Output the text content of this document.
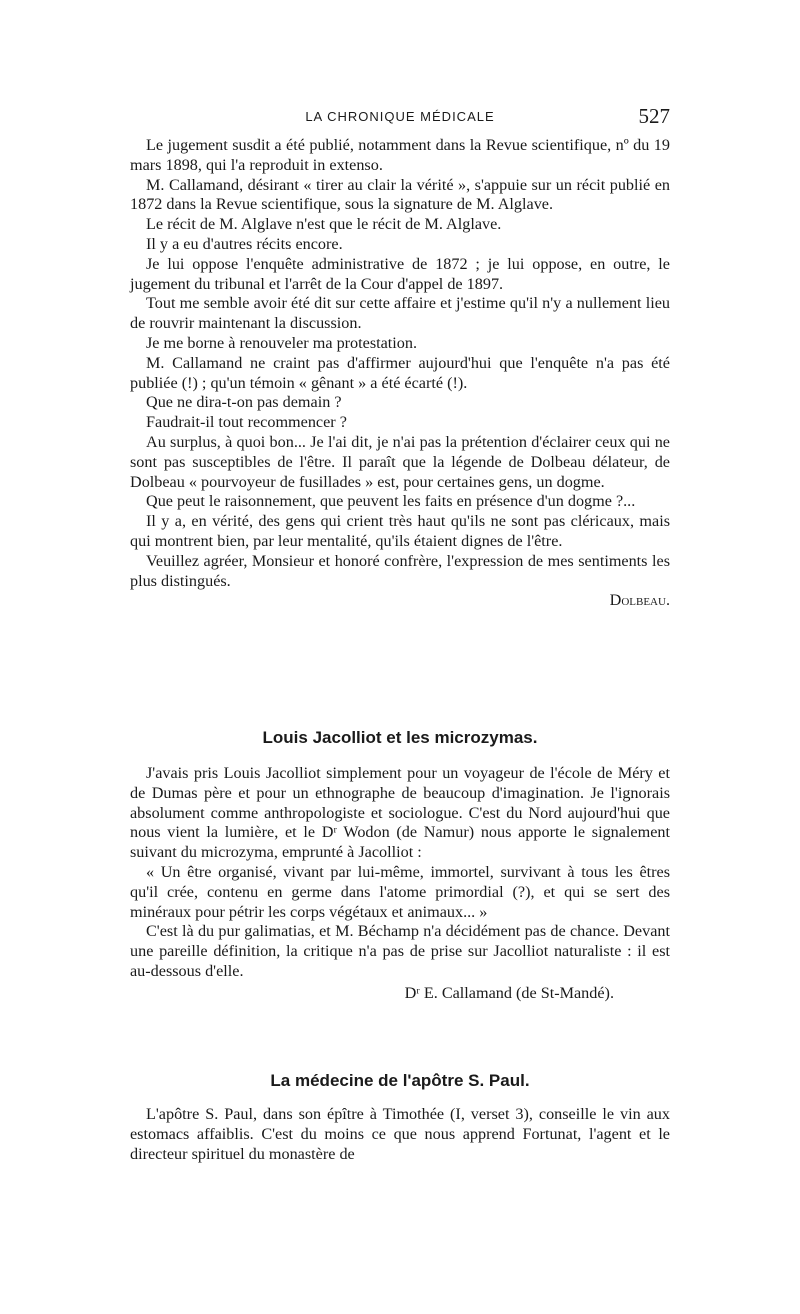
LA CHRONIQUE MÉDICALE	527

Le jugement susdit a été publié, notamment dans la Revue scientifique, nº du 19 mars 1898, qui l'a reproduit in extenso.

M. Callamand, désirant « tirer au clair la vérité », s'appuie sur un récit publié en 1872 dans la Revue scientifique, sous la signature de M. Alglave.

Le récit de M. Alglave n'est que le récit de M. Alglave.

Il y a eu d'autres récits encore.

Je lui oppose l'enquête administrative de 1872 ; je lui oppose, en outre, le jugement du tribunal et l'arrêt de la Cour d'appel de 1897.

Tout me semble avoir été dit sur cette affaire et j'estime qu'il n'y a nullement lieu de rouvrir maintenant la discussion.

Je me borne à renouveler ma protestation.

M. Callamand ne craint pas d'affirmer aujourd'hui que l'enquête n'a pas été publiée (!) ; qu'un témoin « gênant » a été écarté (!).

Que ne dira-t-on pas demain ?

Faudrait-il tout recommencer ?

Au surplus, à quoi bon... Je l'ai dit, je n'ai pas la prétention d'éclairer ceux qui ne sont pas susceptibles de l'être. Il paraît que la légende de Dolbeau délateur, de Dolbeau « pourvoyeur de fusillades » est, pour certaines gens, un dogme.

Que peut le raisonnement, que peuvent les faits en présence d'un dogme ?...

Il y a, en vérité, des gens qui crient très haut qu'ils ne sont pas cléricaux, mais qui montrent bien, par leur mentalité, qu'ils étaient dignes de l'être.

Veuillez agréer, Monsieur et honoré confrère, l'expression de mes sentiments les plus distingués.

Dolbeau.

Louis Jacolliot et les microzymas.

J'avais pris Louis Jacolliot simplement pour un voyageur de l'école de Méry et de Dumas père et pour un ethnographe de beaucoup d'imagination. Je l'ignorais absolument comme anthropologiste et sociologue. C'est du Nord aujourd'hui que nous vient la lumière, et le Dʳ Wodon (de Namur) nous apporte le signalement suivant du microzyma, emprunté à Jacolliot :

« Un être organisé, vivant par lui-même, immortel, survivant à tous les êtres qu'il crée, contenu en germe dans l'atome primordial (?), et qui se sert des minéraux pour pétrir les corps végétaux et animaux... »

C'est là du pur galimatias, et M. Béchamp n'a décidément pas de chance. Devant une pareille définition, la critique n'a pas de prise sur Jacolliot naturaliste : il est au-dessous d'elle.

Dʳ E. Callamand (de St-Mandé).

La médecine de l'apôtre S. Paul.

L'apôtre S. Paul, dans son épître à Timothée (I, verset 3), conseille le vin aux estomacs affaiblis. C'est du moins ce que nous apprend Fortunat, l'agent et le directeur spirituel du monastère de
